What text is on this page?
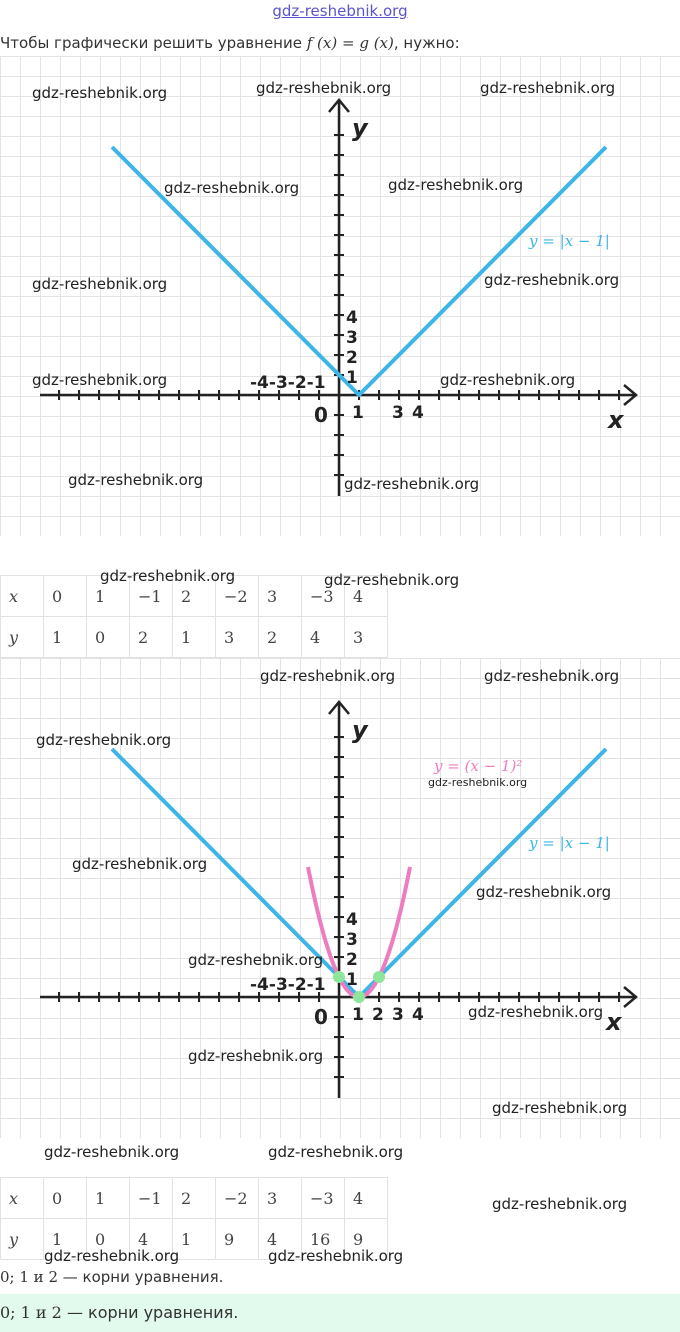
gdz-reshebnik.org
Чтобы графически решить уравнение f (x) = g (x), нужно:
-4-3-2-1 1
2
3
4
1 3 4
0	x
y
y = |x − 1|
gdz-reshebnik.org	gdz-reshebnik.org	gdz-reshebnik.org
gdz-reshebnik.org	gdz-reshebnik.org
gdz-reshebnik.org	gdz-reshebnik.org
gdz-reshebnik.org	gdz-reshebnik.org
gdz-reshebnik.org	gdz-reshebnik.org
x	0	1	−1	2	−2	3	−3	4
y	1	0	2	1	3	2	4	3
gdz-reshebnik.org	gdz-reshebnik.org
-4-3-2-1 1
2
3
4
1 2 3 4
0	x
y
y = |x − 1|
y = (x − 1)²
gdz-reshebnik.org
gdz-reshebnik.org	gdz-reshebnik.org
gdz-reshebnik.org
gdz-reshebnik.org
gdz-reshebnik.org
gdz-reshebnik.org
gdz-reshebnik.org
gdz-reshebnik.org
gdz-reshebnik.org
x	0	1	−1	2	−2	3	−3	4
y	1	0	4	1	9	4	16	9
gdz-reshebnik.org	gdz-reshebnik.org
gdz-reshebnik.org
gdz-reshebnik.org	gdz-reshebnik.org
0; 1 и 2 — корни уравнения.
0; 1 и 2 — корни уравнения.
